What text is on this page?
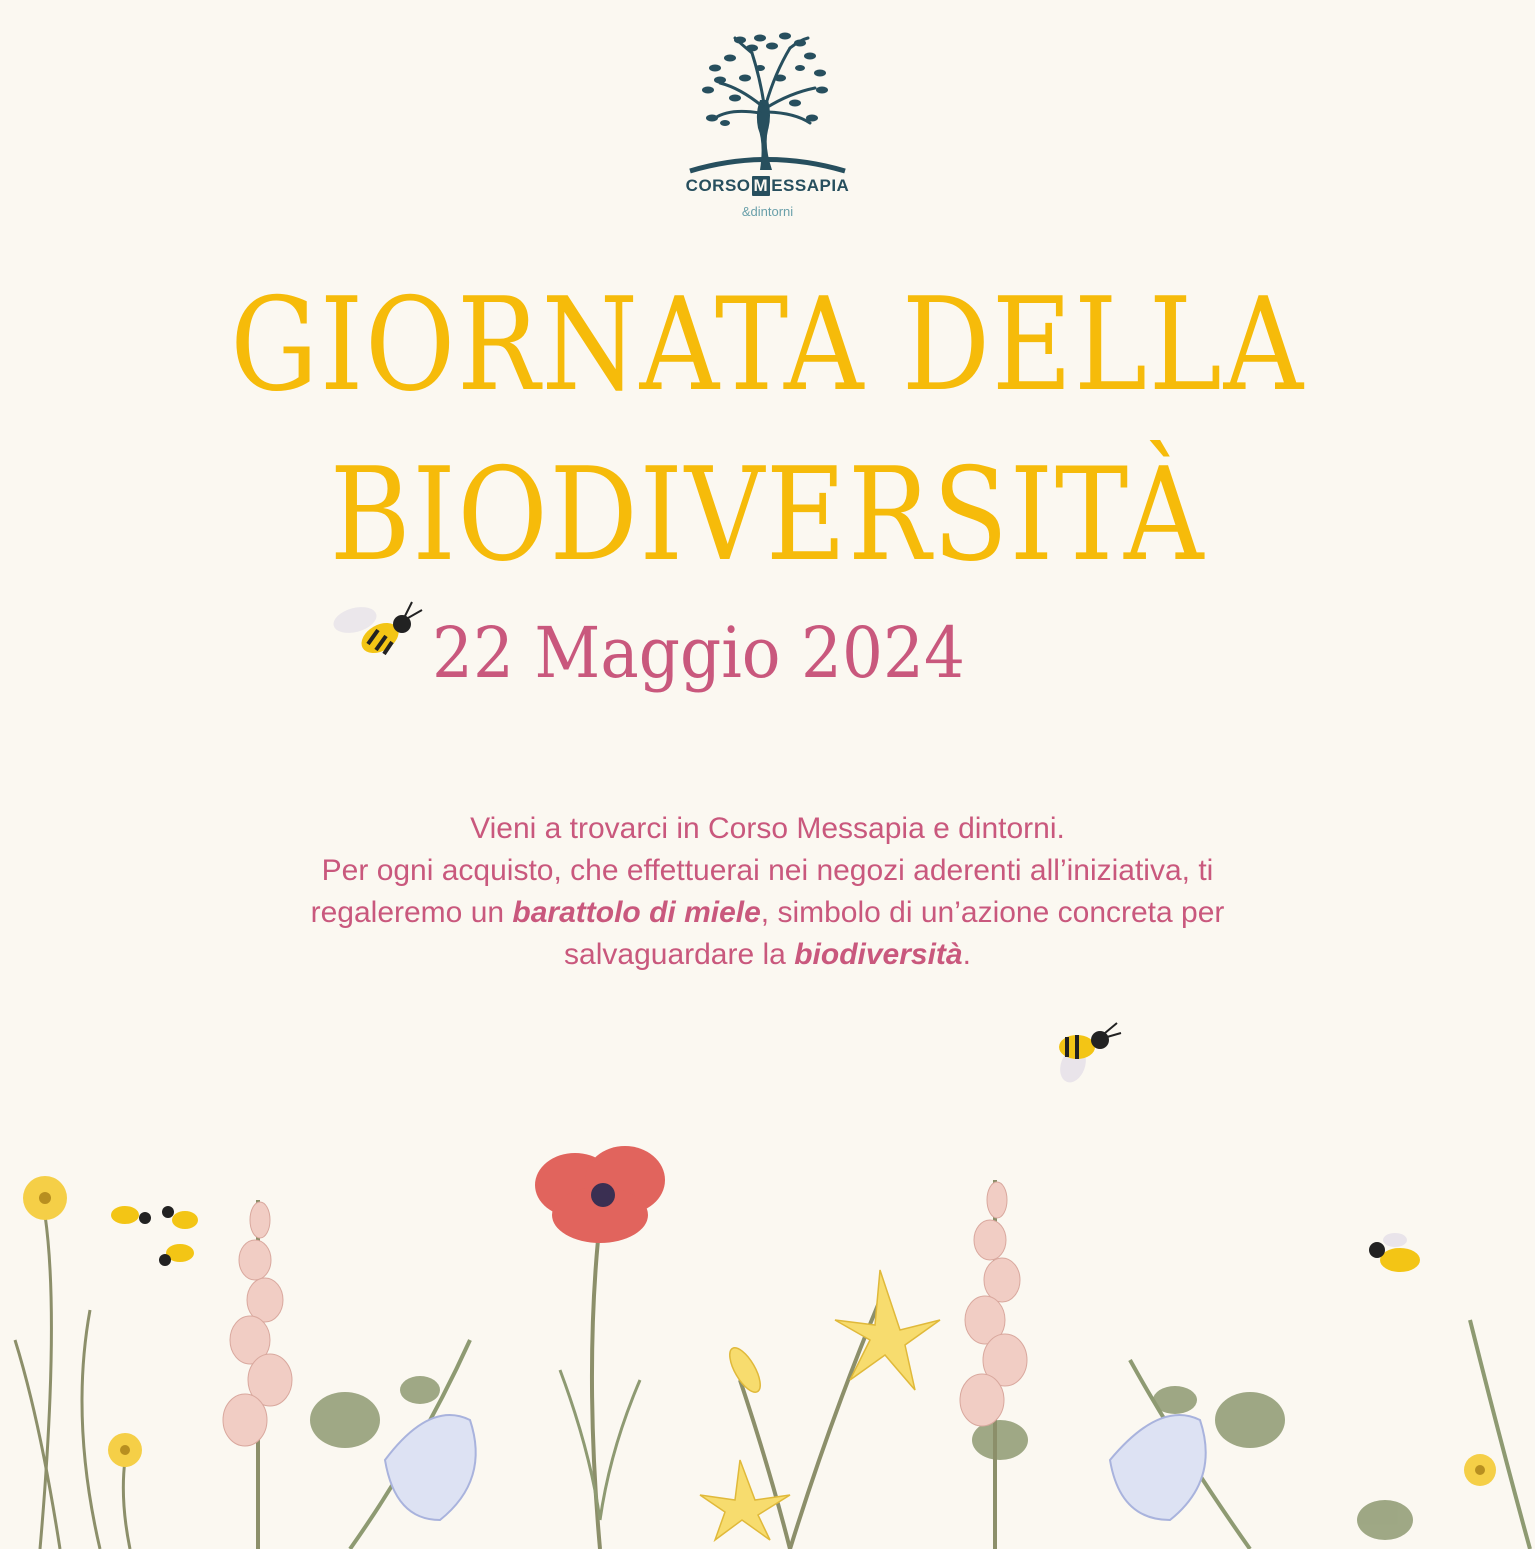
CORSO M ESSAPIA
&dintorni
GIORNATA DELLA
BIODIVERSITÀ
22 Maggio 2024
Vieni a trovarci in Corso Messapia e dintorni.
Per ogni acquisto, che effettuerai nei negozi aderenti all’iniziativa, ti
regaleremo un barattolo di miele, simbolo di un’azione concreta per
salvaguardare la biodiversità.
